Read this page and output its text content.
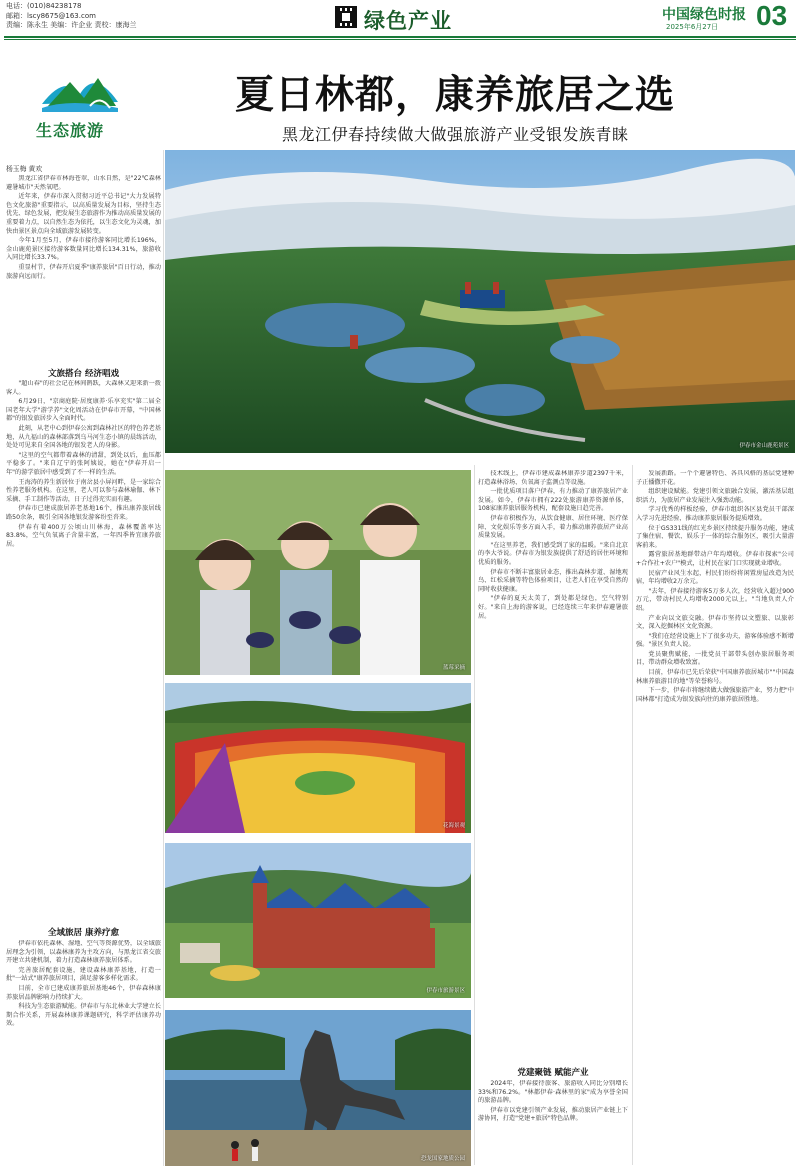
电话：(010)84238178
邮箱：lscy8675@163.com
责编：陈永生 美编：许企业 责校：康海兰	绿色产业	中国绿色时报
2025年6月27日 03
生态旅游
夏日林都，康养旅居之选
黑龙江伊春持续做大做强旅游产业受银发族青睐
伊春市金山鹿苑景区
杨玉梅 黄欢

黑龙江省伊春市林海苍翠，山水自然，是"22℃森林避暑城市"天然氧吧。

近年来，伊春市深入贯彻习近平总书记"大力发展特色文化旅游"重要指示，以高质量发展为目标，坚持生态优先、绿色发展，把发展生态旅游作为推动高质量发展的重要着力点，以自然生态为依托，以生态文化为灵魂，加快由景区景点向全域旅游发展转变。

今年1月至5月，伊春市接待游客同比增长196%，金山鹿苑景区接待游客数量同比增长134.31%，旅游收入同比增长33.7%。

重显村节，伊春开启夏季"康养旅居"百日行动，推动旅游向远而行。

文旅搭台 经济唱戏

"超山春"的社会记在林间鹊跃，大森林又迎来新一拨客人。

6月29日，"京商庭院·居度康养·乐享充实"第二届全国老年大学"游学养"文化周活动在伊春市开幕，"中国林都"的银发旅居步入全面时代。

此刻，从老中心到伊春公寓到森林社区的特色养老基地，从九福山的森林部落到乌马河生态小镇的晨练活动，处处可见来自全国各地的银发老人的身影。

"这里的空气都带着森林的清甜，到处以后，血压都平稳多了。"来自辽宁的张阿姨说，她在"伊春开启一年"的游学旅居中感受到了不一样的生活。

王海涛的养生新居位于南岔县小屏河畔，是一家综合性养老服务机构。在这里，老人可以参与森林瑜伽、林下采摘、手工制作等活动，日子过得充实而有趣。

伊春市已建成旅居养老基地16个，推出康养旅居线路50余条，吸引全国各地银发游客纷至沓来。

伊春有着400万公顷山川林海，森林覆盖率达83.8%，空气负氧离子含量丰富，一年四季皆宜康养旅居。

全域旅居 康养疗愈

伊春市依托森林、湿地、空气等资源优势，以全域旅居理念为引领，以森林康养为主攻方向，与黑龙江省交旅开建立共建机制，着力打造森林康养旅居体系。

完善旅居配套设施，建设森林康养基地，打造一批"一站式"康养旅居项目，满足游客多样化需求。

目前，全市已建成康养旅居基地46个，伊春森林康养旅居品牌影响力持续扩大。

科技为生态旅游赋能。伊春市与东北林业大学建立长期合作关系，开展森林康养课题研究，科学评估康养功效。

蓝莓采摘
花海景观
伊春市旅游景区
恐龙国家地质公园

技术线上，伊春市建成森林康养步道2397千米，打造森林浴场、负氧离子监测点等设施。

一批优质项目落户伊春，有力推动了康养旅居产业发展。如今，伊春市拥有222处旅游康养资源单体，108家康养旅居服务机构，配套设施日趋完善。

伊春市积极作为，从饮食健康、居住环境、医疗保障、文化娱乐等多方面入手，着力推动康养旅居产业高质量发展。

"在这里养老，我们感受到了家的温暖。"来自北京的李大爷说。伊春市为银发族提供了舒适的居住环境和优质的服务。

伊春市不断丰富旅居业态，推出森林步道、湿地观鸟、红松采摘等特色体验项目，让老人们在享受自然的同时收获健康。

"伊春的夏天太美了，到处都是绿色，空气特别好。"来自上海的游客说，已经连续三年来伊春避暑旅居。

党建聚链 赋能产业

2024年，伊春接待旅客、旅游收入同比分别增长33%和76.2%。"林都伊春·森林里的家"成为享誉全国的旅游品牌。

伊春市以党建引领产业发展，推动旅居产业链上下游协同，打造"党建+旅居"特色品牌。

发展新路。一个个避暑特色、各具风格的基层党建种子正播撒开花。

组织建设赋能。党建引领文旅融合发展，激活基层组织活力，为旅居产业发展注入强劲动能。

学习优秀的样板经验，伊春市组织各区县党员干部深入学习先进经验，推动康养旅居服务提质增效。

位于GS331线的红光乡景区持续提升服务功能，建成了集住宿、餐饮、娱乐于一体的综合服务区，吸引大量游客前来。

露营旅居基地群带动户年均增收。伊春市探索"公司+合作社+农户"模式，让村民在家门口实现就业增收。

民宿产业风生水起，村民们纷纷将闲置房屋改造为民宿，年均增收2万余元。

"去年，伊春接待游客5万多人次，经营收入超过900万元，带动村民人均增收2000元以上。"当地负责人介绍。

产业向以文旅交融。伊春市坚持以文塑旅、以旅彰文，深入挖掘林区文化资源。

"我们在经营设施上下了很多功夫，游客体验感不断增强。"景区负责人说。

党员聚焦赋能，一批党员干部带头创办旅居服务项目，带动群众增收致富。

目前，伊春市已先后荣获"中国康养旅居城市""中国森林康养旅游目的地"等荣誉称号。

下一步，伊春市将继续做大做强旅游产业，努力把"中国林都"打造成为银发族向往的康养旅居胜地。
